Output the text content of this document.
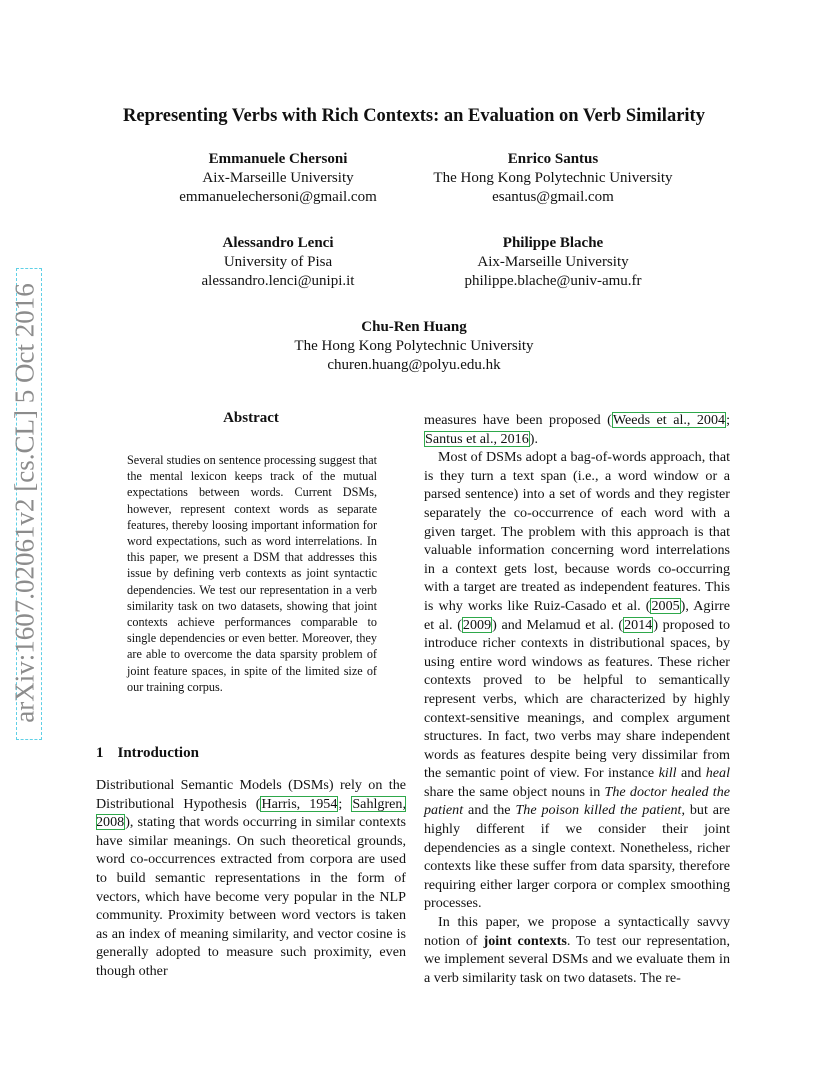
Representing Verbs with Rich Contexts: an Evaluation on Verb Similarity
Emmanuele Chersoni
Aix-Marseille University
emmanuelechersoni@gmail.com
Enrico Santus
The Hong Kong Polytechnic University
esantus@gmail.com
Alessandro Lenci
University of Pisa
alessandro.lenci@unipi.it
Philippe Blache
Aix-Marseille University
philippe.blache@univ-amu.fr
Chu-Ren Huang
The Hong Kong Polytechnic University
churen.huang@polyu.edu.hk
arXiv:1607.02061v2 [cs.CL] 5 Oct 2016	Abstract
Several studies on sentence processing suggest that the mental lexicon keeps track of the mutual expectations between words. Current DSMs, however, represent context words as separate features, thereby loosing important information for word expectations, such as word interrelations. In this paper, we present a DSM that addresses this issue by defining verb contexts as joint syntactic dependencies. We test our representation in a verb similarity task on two datasets, showing that joint contexts achieve performances comparable to single dependencies or even better. Moreover, they are able to overcome the data sparsity problem of joint feature spaces, in spite of the limited size of our training corpus.
1 Introduction

Distributional Semantic Models (DSMs) rely on the Distributional Hypothesis (Harris, 1954; Sahlgren, 2008), stating that words occurring in similar contexts have similar meanings. On such theoretical grounds, word co-occurrences extracted from corpora are used to build semantic representations in the form of vectors, which have become very popular in the NLP community. Proximity between word vectors is taken as an index of meaning similarity, and vector cosine is generally adopted to measure such proximity, even though other

measures have been proposed (Weeds et al., 2004; Santus et al., 2016).

Most of DSMs adopt a bag-of-words approach, that is they turn a text span (i.e., a word window or a parsed sentence) into a set of words and they register separately the co-occurrence of each word with a given target. The problem with this approach is that valuable information concerning word interrelations in a context gets lost, because words co-occurring with a target are treated as independent features. This is why works like Ruiz-Casado et al. (2005), Agirre et al. (2009) and Melamud et al. (2014) proposed to introduce richer contexts in distributional spaces, by using entire word windows as features. These richer contexts proved to be helpful to semantically represent verbs, which are characterized by highly context-sensitive meanings, and complex argument structures. In fact, two verbs may share independent words as features despite being very dissimilar from the semantic point of view. For instance kill and heal share the same object nouns in The doctor healed the patient and the The poison killed the patient, but are highly different if we consider their joint dependencies as a single context. Nonetheless, richer contexts like these suffer from data sparsity, therefore requiring either larger corpora or complex smoothing processes.

In this paper, we propose a syntactically savvy notion of joint contexts. To test our representation, we implement several DSMs and we evaluate them in a verb similarity task on two datasets. The re-
